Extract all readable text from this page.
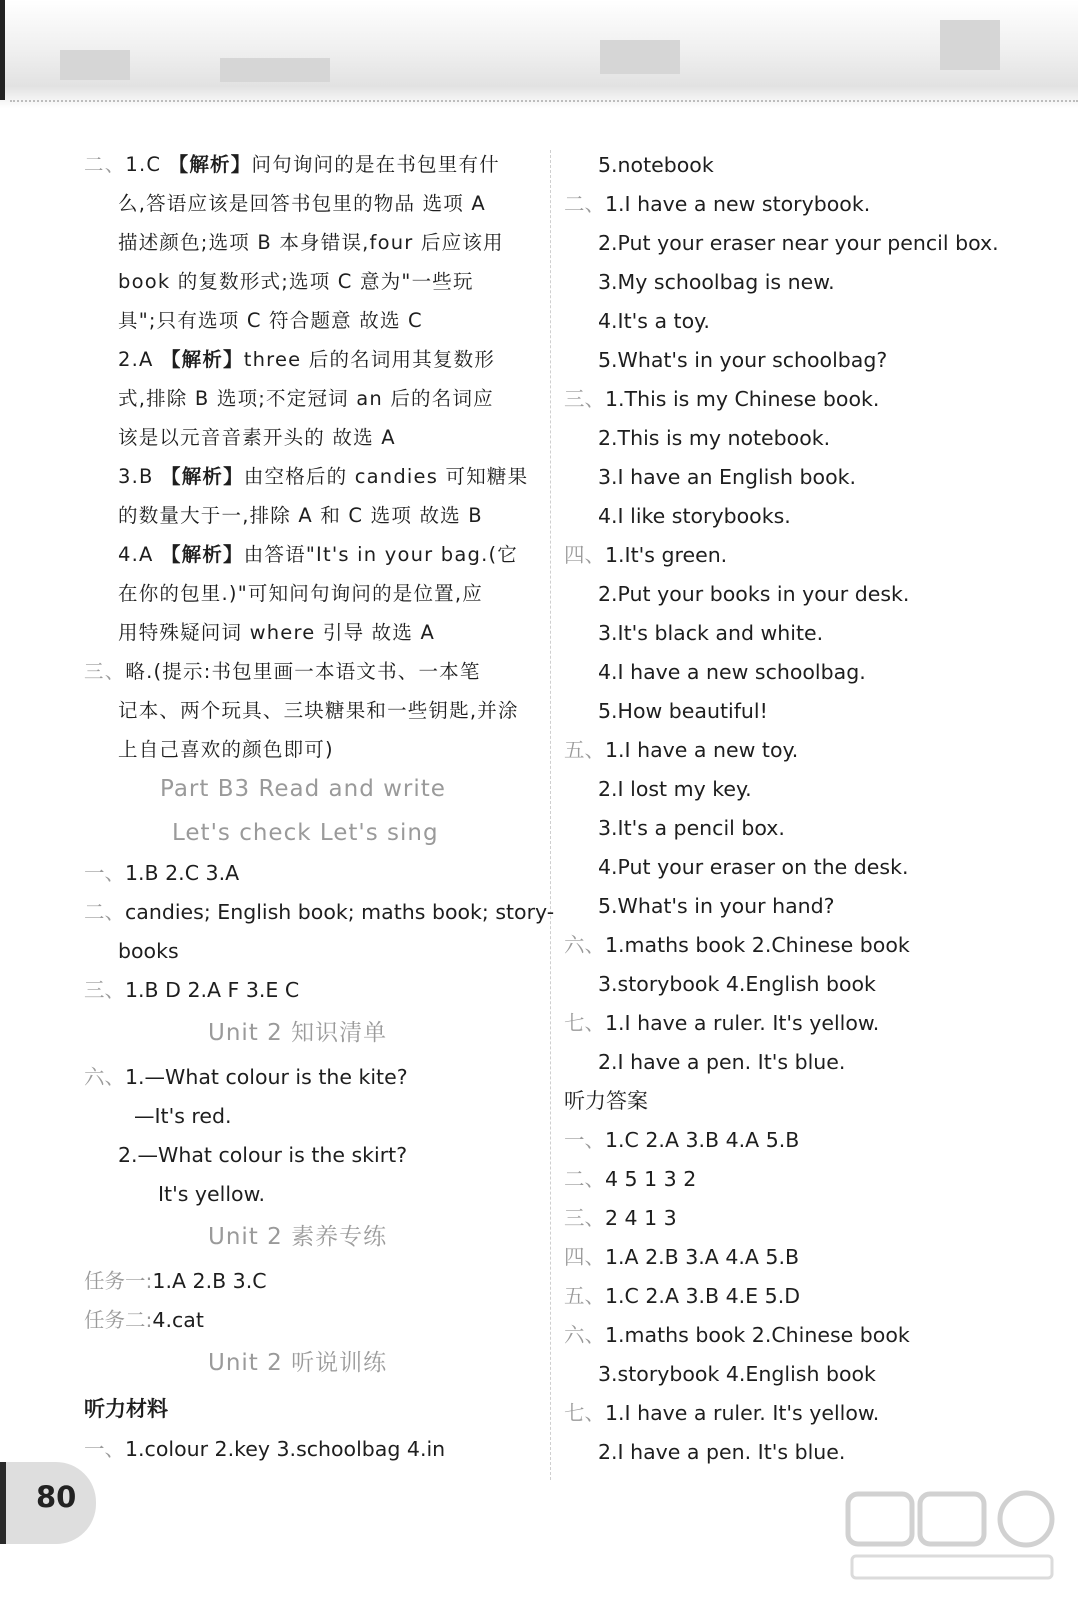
二、1.C 【解析】问句询问的是在书包里有什
么,答语应该是回答书包里的物品 选项 A
描述颜色;选项 B 本身错误,four 后应该用
book 的复数形式;选项 C 意为"一些玩
具";只有选项 C 符合题意 故选 C
2.A 【解析】three 后的名词用其复数形
式,排除 B 选项;不定冠词 an 后的名词应
该是以元音音素开头的 故选 A
3.B 【解析】由空格后的 candies 可知糖果
的数量大于一,排除 A 和 C 选项 故选 B
4.A 【解析】由答语"It's in your bag.(它
在你的包里.)"可知问句询问的是位置,应
用特殊疑问词 where 引导 故选 A
三、略.(提示:书包里画一本语文书、一本笔
记本、两个玩具、三块糖果和一些钥匙,并涂
上自己喜欢的颜色即可)
Part B3 Read and write
Let's check Let's sing
一、1.B 2.C 3.A
二、candies; English book; maths book; story-
books
三、1.B D 2.A F 3.E C
Unit 2 知识清单
六、1.—What colour is the kite?
—It's red.
2.—What colour is the skirt?
It's yellow.
Unit 2 素养专练
任务一:1.A 2.B 3.C
任务二:4.cat
Unit 2 听说训练
听力材料
一、1.colour 2.key 3.schoolbag 4.in
5.notebook
二、1.I have a new storybook.
2.Put your eraser near your pencil box.
3.My schoolbag is new.
4.It's a toy.
5.What's in your schoolbag?
三、1.This is my Chinese book.
2.This is my notebook.
3.I have an English book.
4.I like storybooks.
四、1.It's green.
2.Put your books in your desk.
3.It's black and white.
4.I have a new schoolbag.
5.How beautiful!
五、1.I have a new toy.
2.I lost my key.
3.It's a pencil box.
4.Put your eraser on the desk.
5.What's in your hand?
六、1.maths book 2.Chinese book
3.storybook 4.English book
七、1.I have a ruler. It's yellow.
2.I have a pen. It's blue.
听力答案
一、1.C 2.A 3.B 4.A 5.B
二、4 5 1 3 2
三、2 4 1 3
四、1.A 2.B 3.A 4.A 5.B
五、1.C 2.A 3.B 4.E 5.D
六、1.maths book 2.Chinese book
3.storybook 4.English book
七、1.I have a ruler. It's yellow.
2.I have a pen. It's blue.
80
